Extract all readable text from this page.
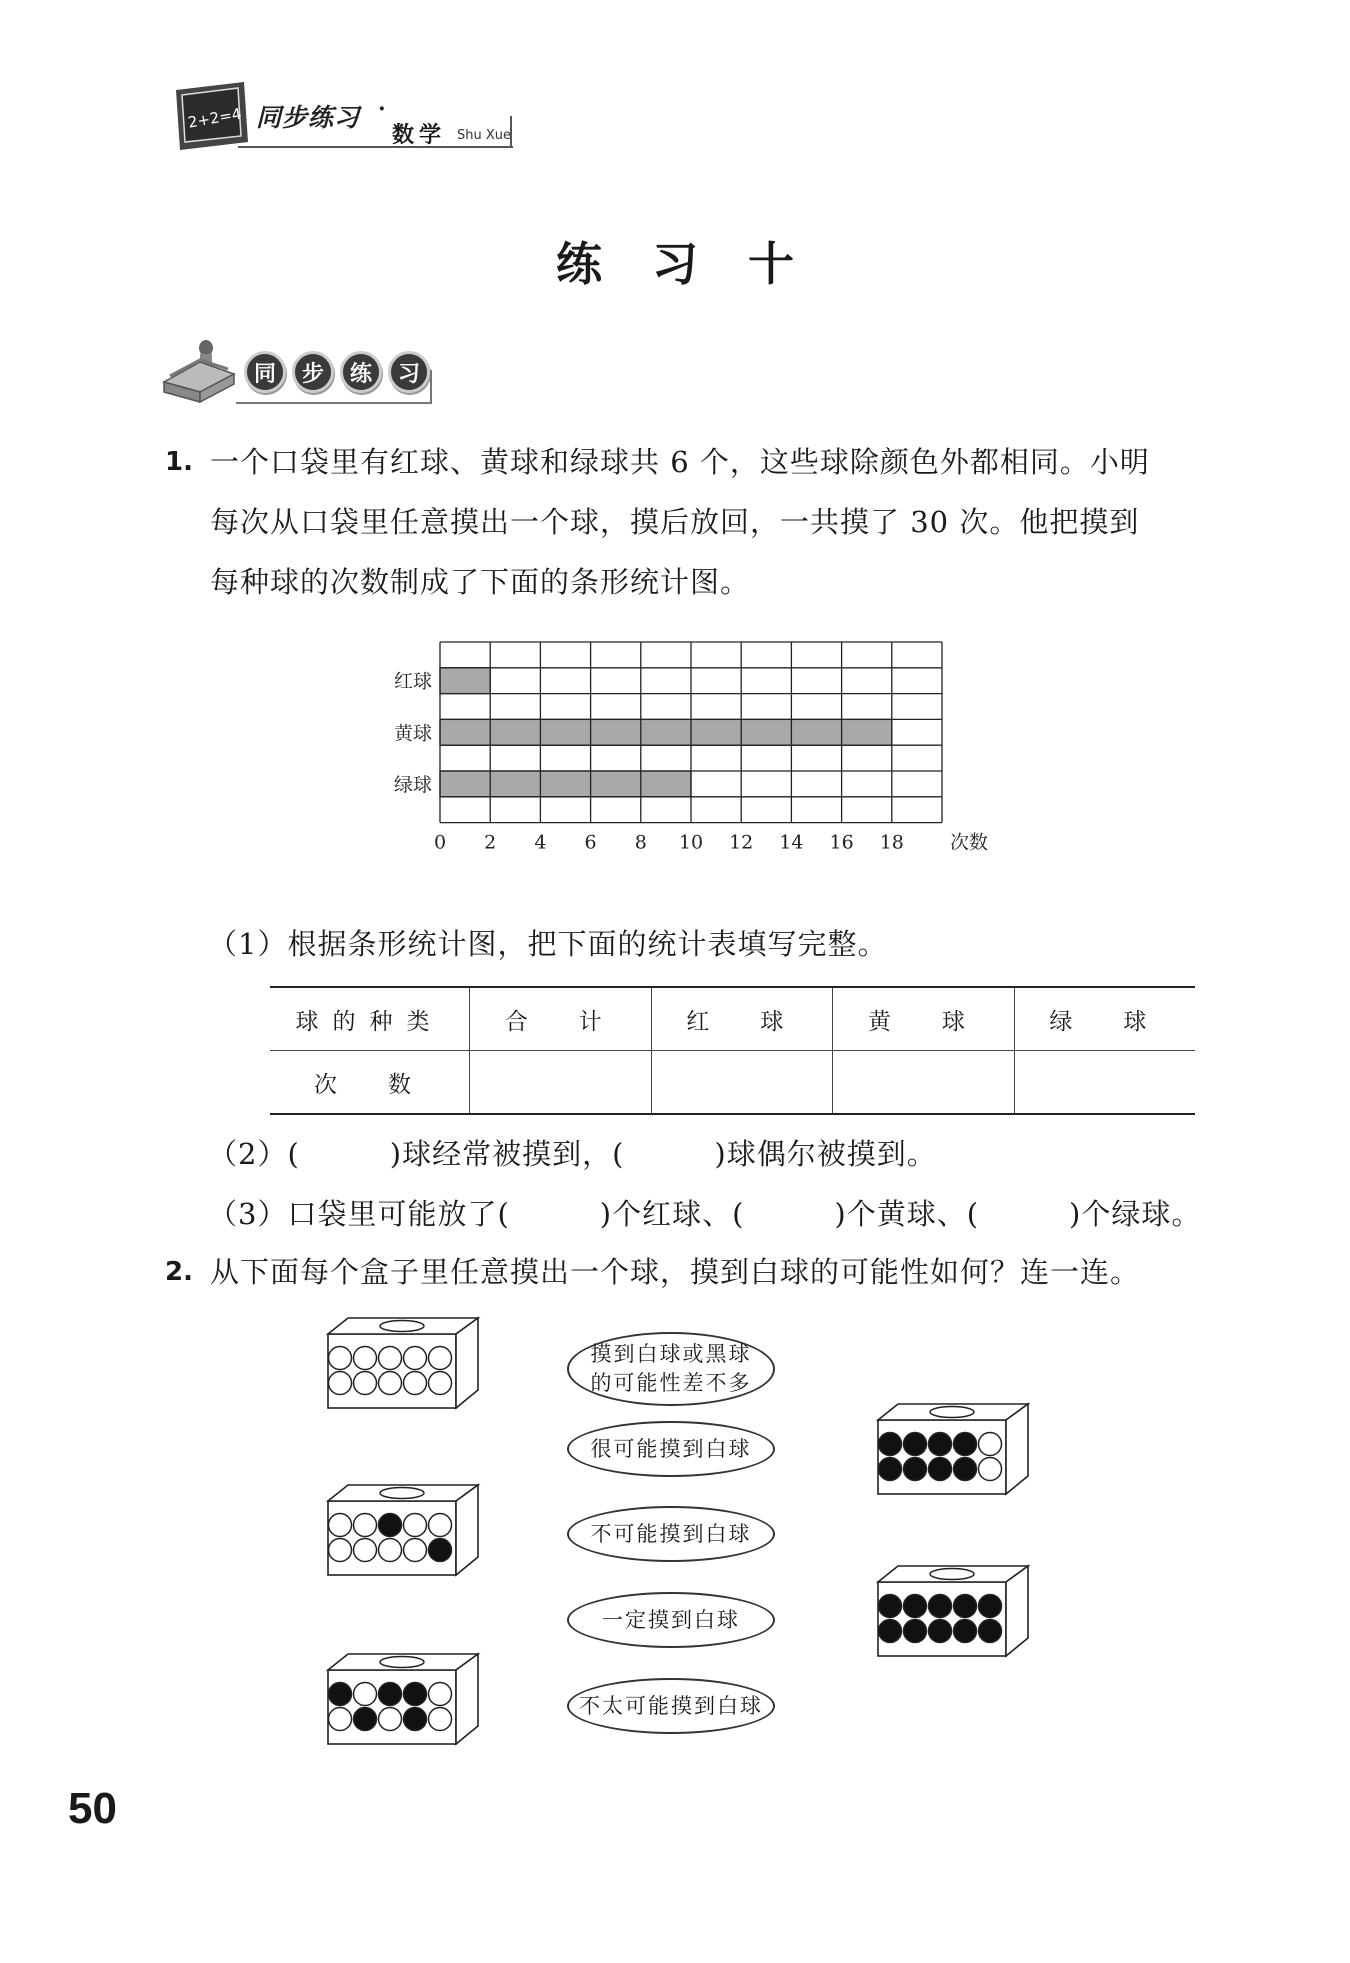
2+2=4 同步练习 ·
数学 Shu Xue
练习十
同	步	练	习
1. 一个口袋里有红球、黄球和绿球共 6 个，这些球除颜色外都相同。小明
每次从口袋里任意摸出一个球，摸后放回，一共摸了 30 次。他把摸到
每种球的次数制成了下面的条形统计图。
红球
黄球
绿球
0 2 4 6 8 10 12 14 16 18 次数
（1）根据条形统计图，把下面的统计表填写完整。
球的种类	合　计	红　球	黄　球	绿　球
次　数				
（2）(　　　)球经常被摸到，(　　　)球偶尔被摸到。
（3）口袋里可能放了(　　　)个红球、(　　　)个黄球、(　　　)个绿球。
2. 从下面每个盒子里任意摸出一个球，摸到白球的可能性如何？连一连。
摸到白球或黑球
的可能性差不多
很可能摸到白球
不可能摸到白球
一定摸到白球
不太可能摸到白球
50
